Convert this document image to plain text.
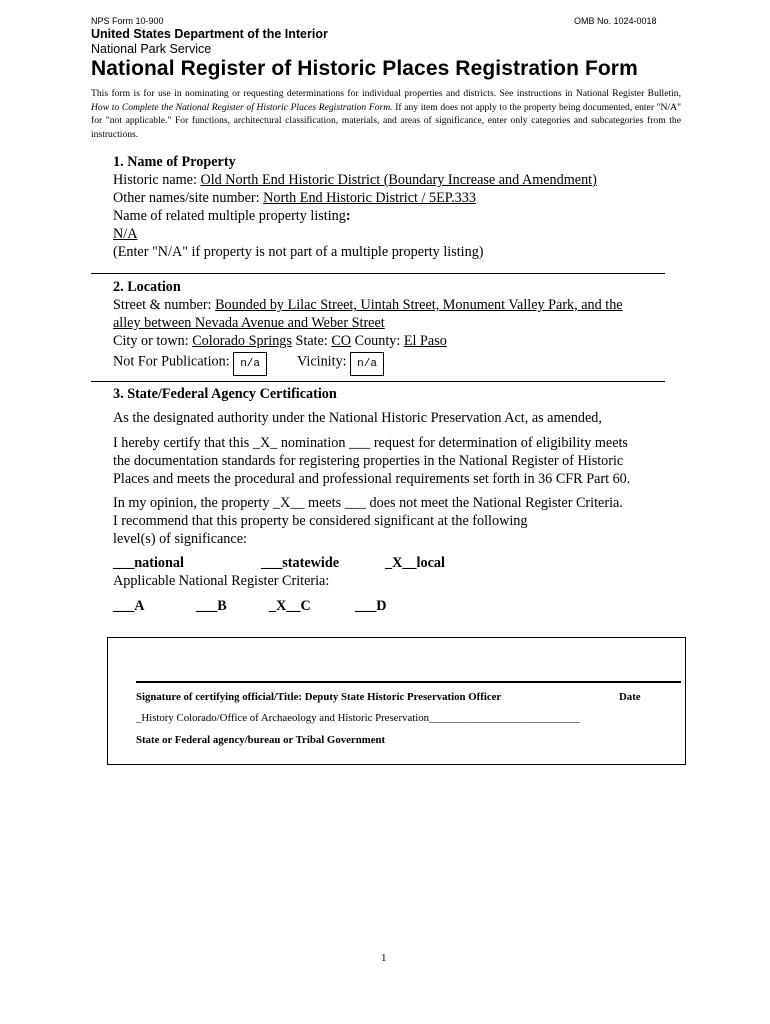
NPS Form 10-900	OMB No. 1024-0018
United States Department of the Interior
National Park Service
National Register of Historic Places Registration Form
This form is for use in nominating or requesting determinations for individual properties and districts. See instructions in National Register Bulletin, How to Complete the National Register of Historic Places Registration Form. If any item does not apply to the property being documented, enter "N/A" for "not applicable." For functions, architectural classification, materials, and areas of significance, enter only categories and subcategories from the instructions.
1. Name of Property
Historic name: Old North End Historic District (Boundary Increase and Amendment)
Other names/site number: North End Historic District / 5EP.333
Name of related multiple property listing:
N/A
(Enter "N/A" if property is not part of a multiple property listing)
2. Location
Street & number: Bounded by Lilac Street, Uintah Street, Monument Valley Park, and the
alley between Nevada Avenue and Weber Street
City or town: Colorado Springs State: CO County: El Paso
Not For Publication: n/a	Vicinity: n/a
3. State/Federal Agency Certification
As the designated authority under the National Historic Preservation Act, as amended,
I hereby certify that this _X_ nomination ___ request for determination of eligibility meets
the documentation standards for registering properties in the National Register of Historic
Places and meets the procedural and professional requirements set forth in 36 CFR Part 60.
In my opinion, the property _X__ meets ___ does not meet the National Register Criteria.
I recommend that this property be considered significant at the following
level(s) of significance:
___national	___statewide	_X__local
Applicable National Register Criteria:
___A	___B	_X__C	___D
Signature of certifying official/Title: Deputy State Historic Preservation Officer	Date
_History Colorado/Office of Archaeology and Historic Preservation____________________________
State or Federal agency/bureau or Tribal Government
1
